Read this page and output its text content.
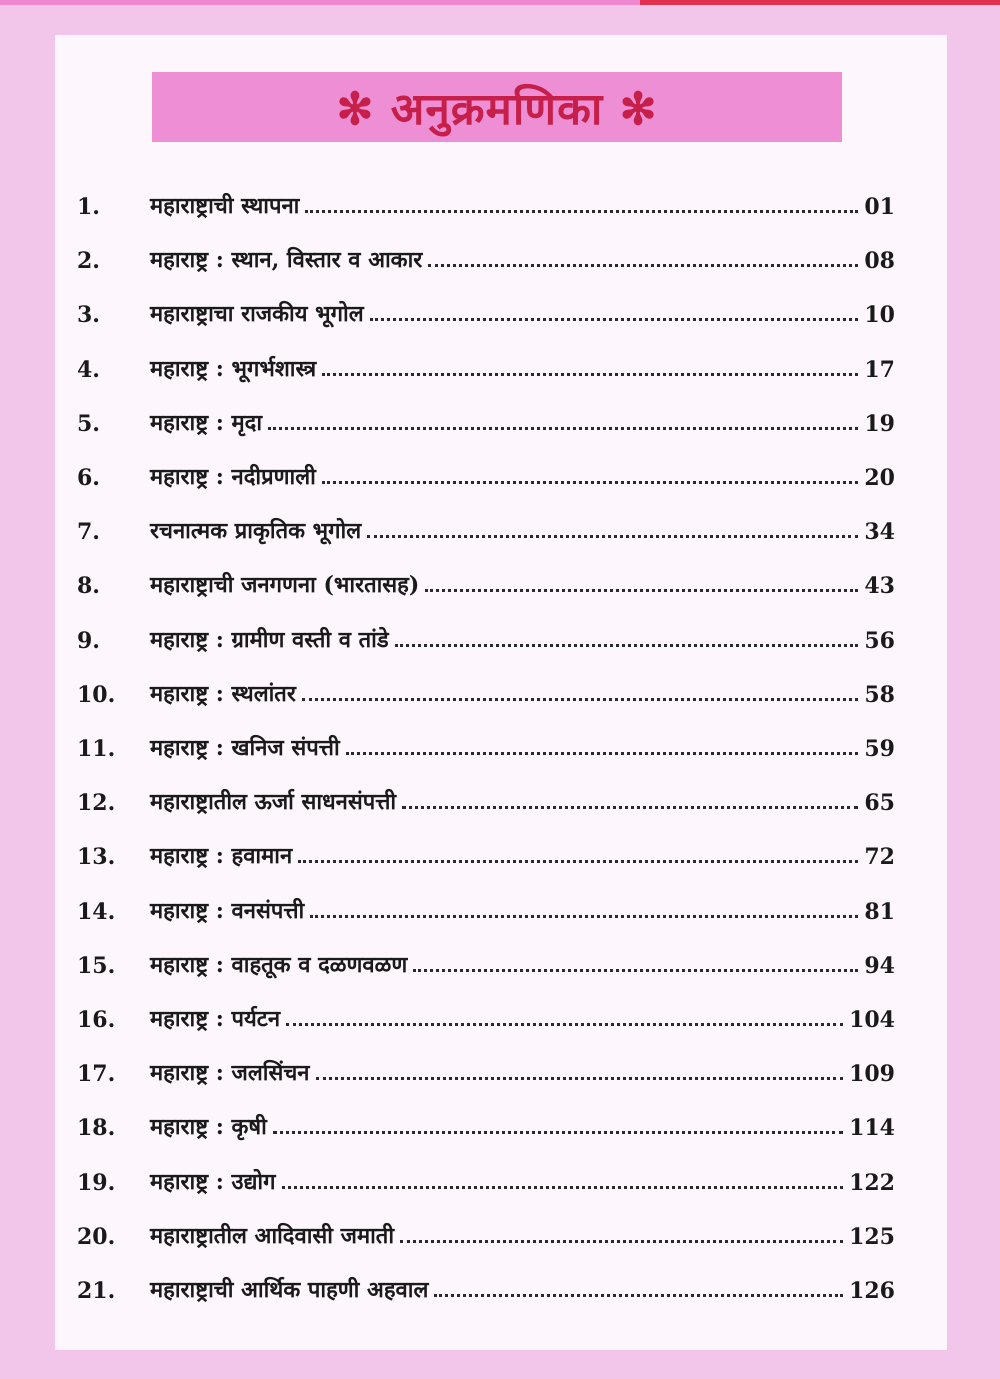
✻ अनुक्रमणिका ✻
1.	महाराष्ट्राची स्थापना	01
2.	महाराष्ट्र : स्थान, विस्तार व आकार	08
3.	महाराष्ट्राचा राजकीय भूगोल	10
4.	महाराष्ट्र : भूगर्भशास्त्र	17
5.	महाराष्ट्र : मृदा	19
6.	महाराष्ट्र : नदीप्रणाली	20
7.	रचनात्मक प्राकृतिक भूगोल	34
8.	महाराष्ट्राची जनगणना (भारतासह)	43
9.	महाराष्ट्र : ग्रामीण वस्ती व तांडे	56
10.	महाराष्ट्र : स्थलांतर	58
11.	महाराष्ट्र : खनिज संपत्ती	59
12.	महाराष्ट्रातील ऊर्जा साधनसंपत्ती	65
13.	महाराष्ट्र : हवामान	72
14.	महाराष्ट्र : वनसंपत्ती	81
15.	महाराष्ट्र : वाहतूक व दळणवळण	94
16.	महाराष्ट्र : पर्यटन	104
17.	महाराष्ट्र : जलसिंचन	109
18.	महाराष्ट्र : कृषी	114
19.	महाराष्ट्र : उद्योग	122
20.	महाराष्ट्रातील आदिवासी जमाती	125
21.	महाराष्ट्राची आर्थिक पाहणी अहवाल	126
